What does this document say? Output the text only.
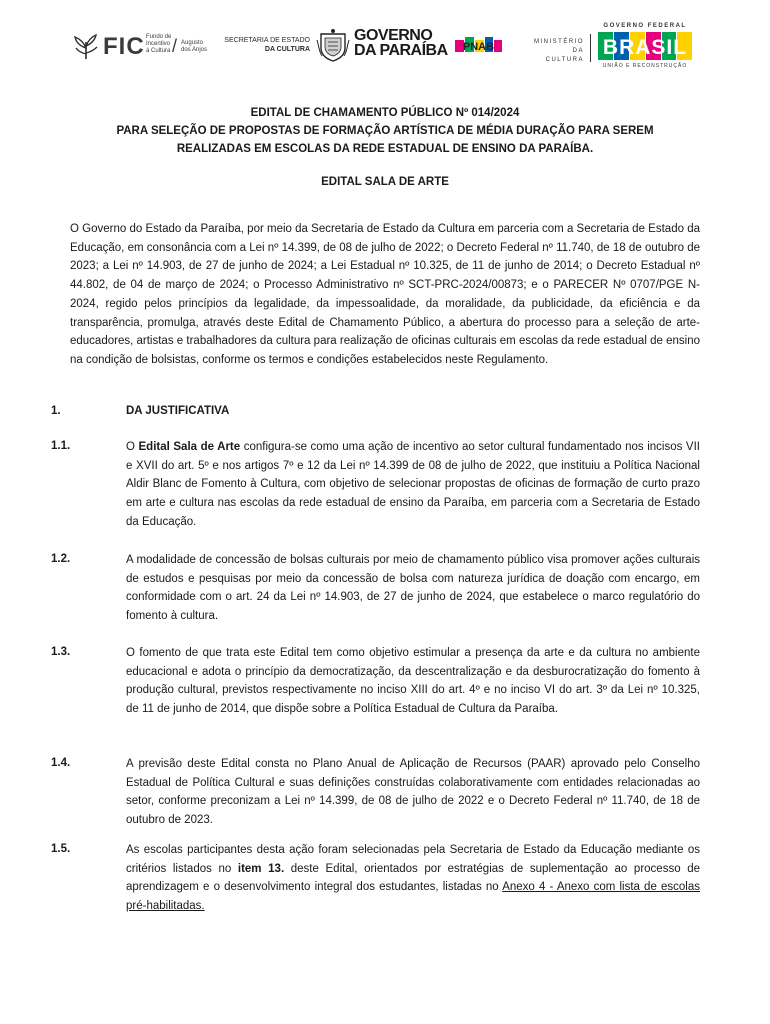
FIC Fundo de
Incentivo
à Cultura / Augusto
dos Anjos
SECRETARIA DE ESTADO
DA CULTURA
GOVERNO
DA PARAÍBA PNAB	MINISTÉRIO DA
CULTURA
GOVERNO FEDERAL
BRASIL
UNIÃO E RECONSTRUÇÃO
EDITAL DE CHAMAMENTO PÚBLICO Nº 014/2024
PARA SELEÇÃO DE PROPOSTAS DE FORMAÇÃO ARTÍSTICA DE MÉDIA DURAÇÃO PARA SEREM
REALIZADAS EM ESCOLAS DA REDE ESTADUAL DE ENSINO DA PARAÍBA.
EDITAL SALA DE ARTE
O Governo do Estado da Paraíba, por meio da Secretaria de Estado da Cultura em parceria com a Secretaria de Estado da Educação, em consonância com a Lei nº 14.399, de 08 de julho de 2022; o Decreto Federal nº 11.740, de 18 de outubro de 2023; a Lei nº 14.903, de 27 de junho de 2024; a Lei Estadual nº 10.325, de 11 de junho de 2014; o Decreto Estadual nº 44.802, de 04 de março de 2024; o Processo Administrativo nº SCT-PRC-2024/00873; e o PARECER Nº 0707/PGE N-2024, regido pelos princípios da legalidade, da impessoalidade, da moralidade, da publicidade, da eficiência e da transparência, promulga, através deste Edital de Chamamento Público, a abertura do processo para a seleção de arte-educadores, artistas e trabalhadores da cultura para realização de oficinas culturais em escolas da rede estadual de ensino na condição de bolsistas, conforme os termos e condições estabelecidos neste Regulamento.
1.	DA JUSTIFICATIVA
1.1.	O Edital Sala de Arte configura-se como uma ação de incentivo ao setor cultural fundamentado nos incisos VII e XVII do art. 5º e nos artigos 7º e 12 da Lei nº 14.399 de 08 de julho de 2022, que instituiu a Política Nacional Aldir Blanc de Fomento à Cultura, com objetivo de selecionar propostas de oficinas de formação de curto prazo em arte e cultura nas escolas da rede estadual de ensino da Paraíba, em parceria com a Secretaria de Estado da Educação.
1.2.	A modalidade de concessão de bolsas culturais por meio de chamamento público visa promover ações culturais de estudos e pesquisas por meio da concessão de bolsa com natureza jurídica de doação com encargo, em conformidade com o art. 24 da Lei nº 14.903, de 27 de junho de 2024, que estabelece o marco regulatório do fomento à cultura.
1.3.	O fomento de que trata este Edital tem como objetivo estimular a presença da arte e da cultura no ambiente educacional e adota o princípio da democratização, da descentralização e da desburocratização do fomento à produção cultural, previstos respectivamente no inciso XIII do art. 4º e no inciso VI do art. 3º da Lei nº 10.325, de 11 de junho de 2014, que dispõe sobre a Política Estadual de Cultura da Paraíba.
1.4.	A previsão deste Edital consta no Plano Anual de Aplicação de Recursos (PAAR) aprovado pelo Conselho Estadual de Política Cultural e suas definições construídas colaborativamente com entidades relacionadas ao setor, conforme preconizam a Lei nº 14.399, de 08 de julho de 2022 e o Decreto Federal nº 11.740, de 18 de outubro de 2023.
1.5.	As escolas participantes desta ação foram selecionadas pela Secretaria de Estado da Educação mediante os critérios listados no item 13. deste Edital, orientados por estratégias de suplementação ao processo de aprendizagem e o desenvolvimento integral dos estudantes, listadas no Anexo 4 - Anexo com lista de escolas pré-habilitadas.
